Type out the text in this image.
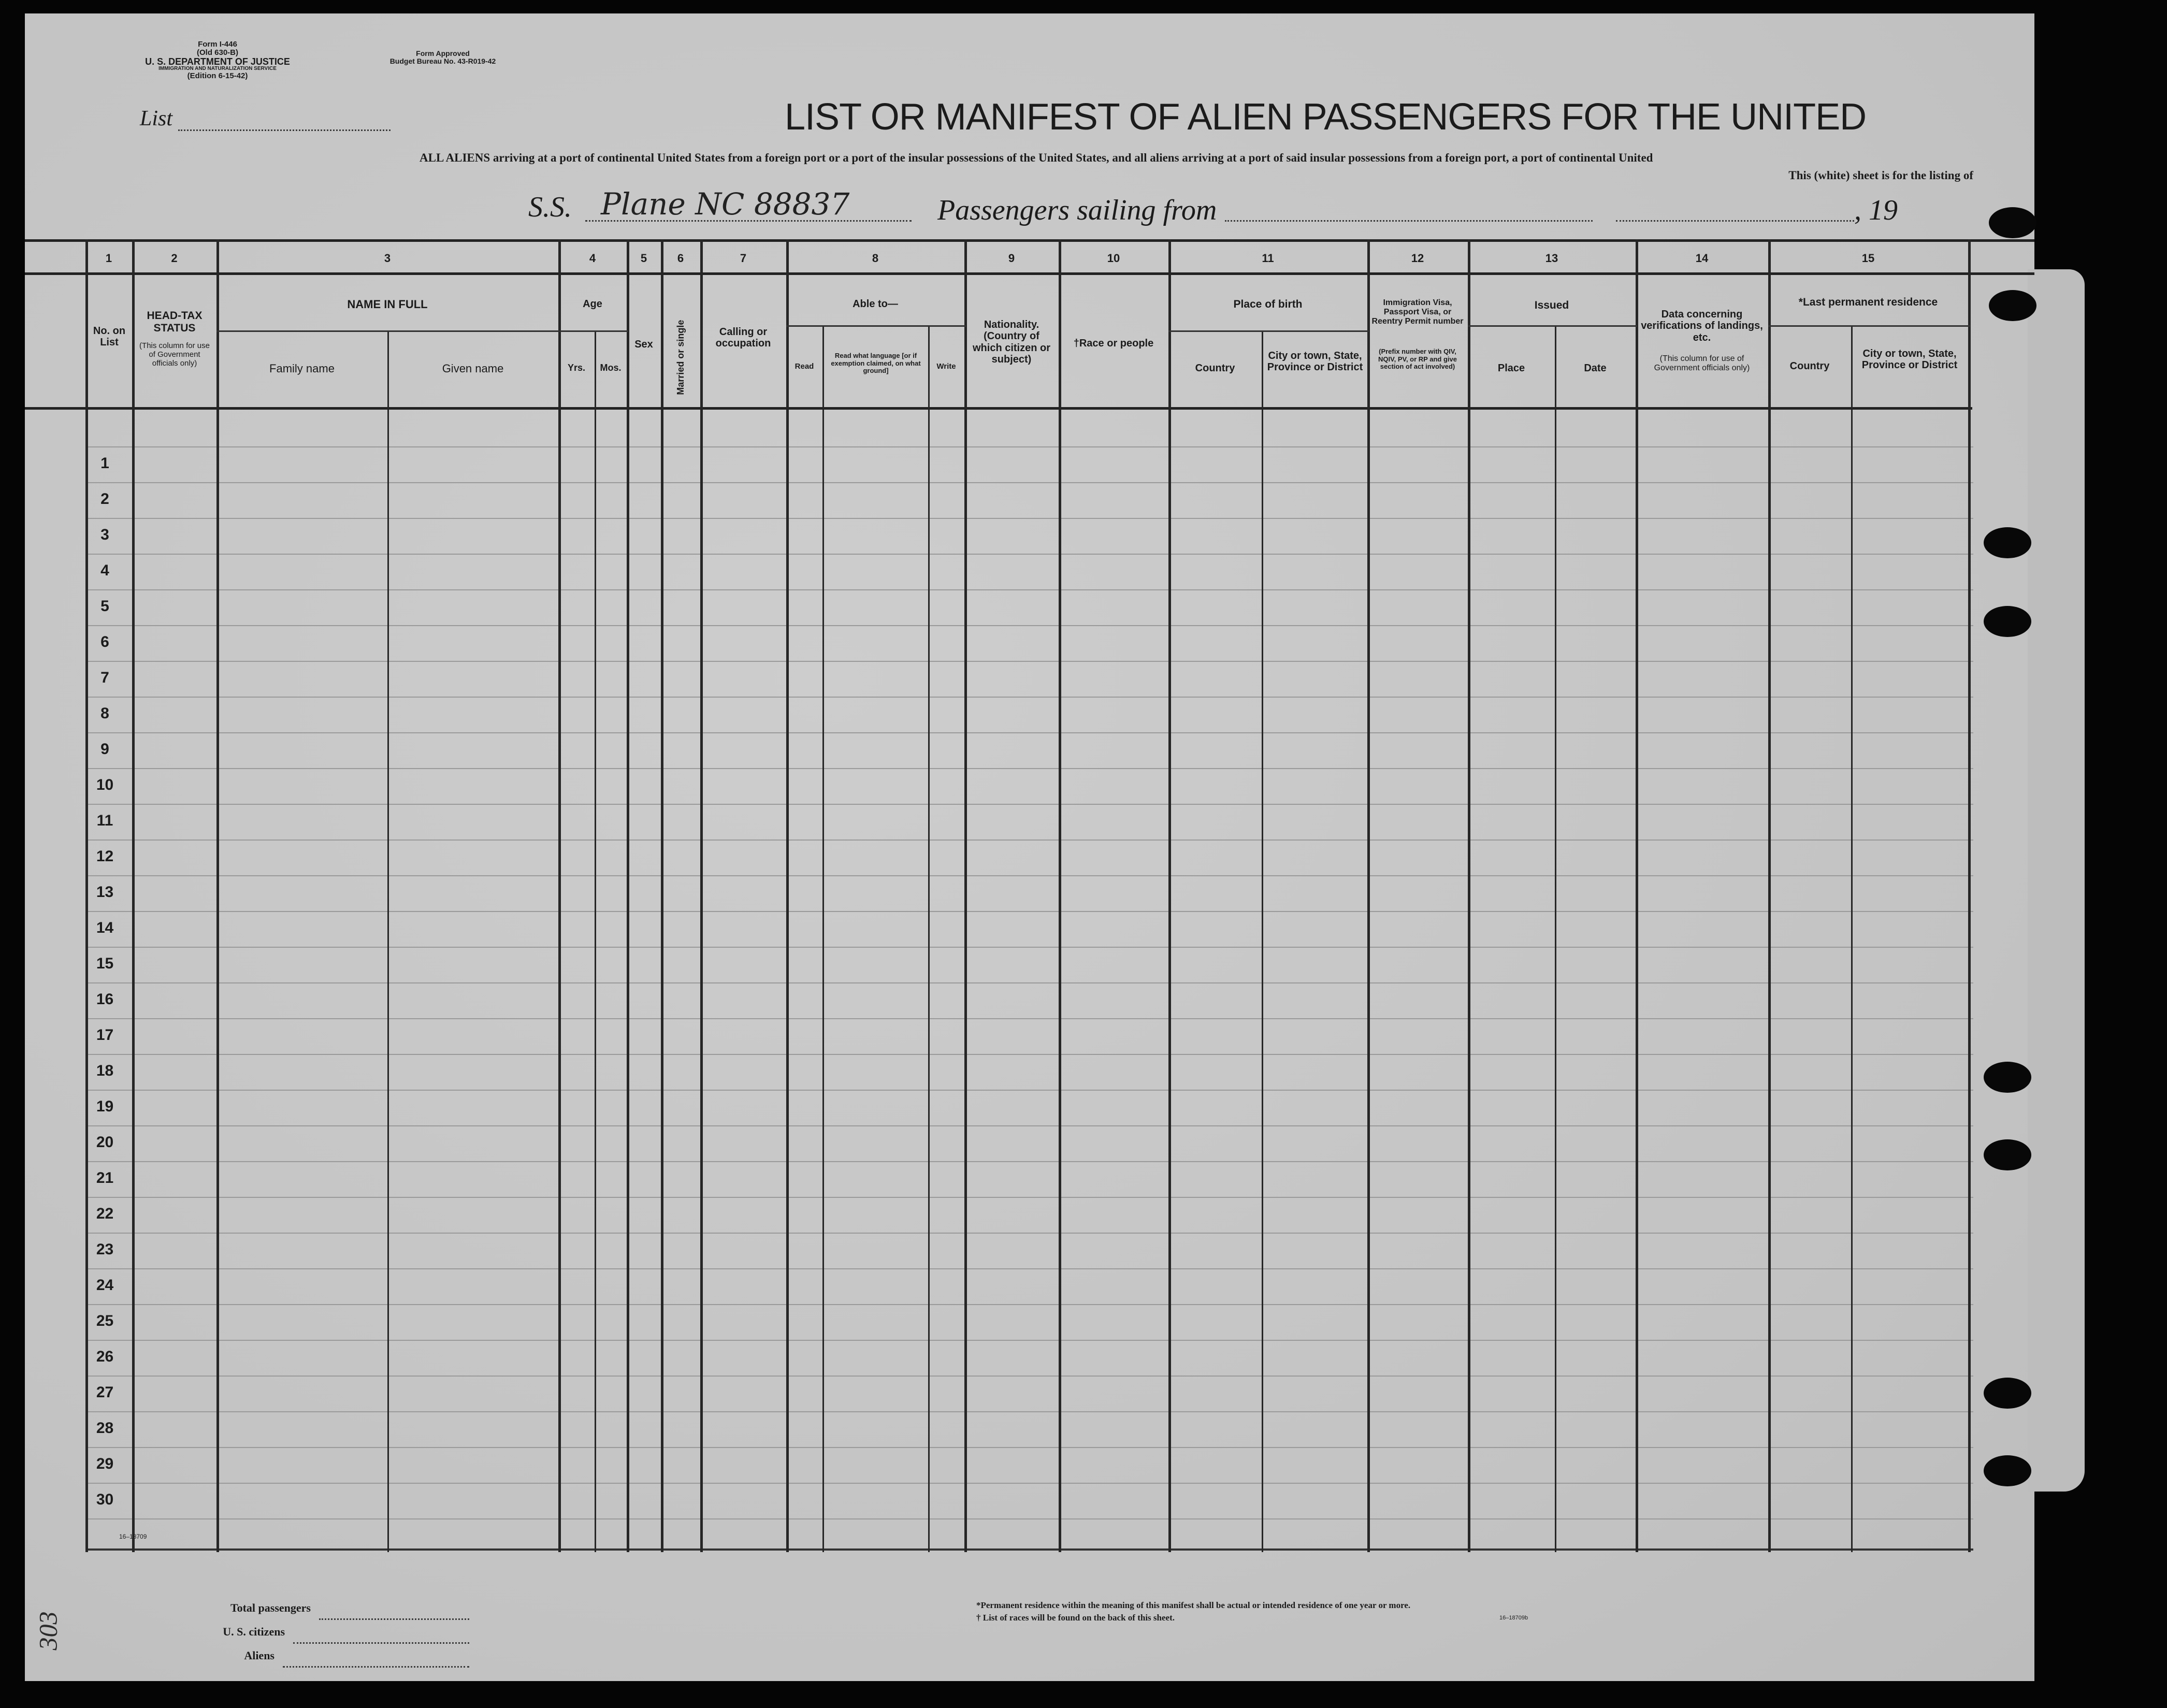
Form I-446
(Old 630-B)
U. S. DEPARTMENT OF JUSTICE
IMMIGRATION AND NATURALIZATION SERVICE
(Edition 6-15-42)
Form Approved
Budget Bureau No. 43-R019-42
List	LIST OR MANIFEST OF ALIEN PASSENGERS FOR THE UNITED
ALL ALIENS arriving at a port of continental United States from a foreign port or a port of the insular possessions of the United States, and all aliens arriving at a port of said insular possessions from a foreign port, a port of continental United
This (white) sheet is for the listing of
S.S. Plane NC 88837	Passengers sailing from	, 19
1	2	3	4	5	6	7	8	9	10	11	12	13	14	15
No. on List
HEAD-TAX STATUS
(This column for use of Government officials only)
NAME IN FULL
Family name	Given name
Age
Yrs.	Mos.
Sex	Married or single	Calling or occupation
Able to—
Read
Read what language [or if exemption claimed, on what ground]	Write
Nationality. (Country of which citizen or subject)
†Race or people
Place of birth
Country
City or town, State, Province or District
Immigration Visa, Passport Visa, or Reentry Permit number
(Prefix number with QIV, NQIV, PV, or RP and give section of act involved)
Issued
Place	Date
Data concerning verifications of landings, etc.
(This column for use of Government officials only)
*Last permanent residence
Country
City or town, State, Province or District
1
2
3
4
5
6
7
8
9
10
11
12
13
14
15
16
17
18
19
20
21
22
23
24
25
26
27
28
29
30
16–18709
Total passengers
U. S. citizens
Aliens
*Permanent residence within the meaning of this manifest shall be actual or intended residence of one year or more.
† List of races will be found on the back of this sheet.	16–18709b
303
